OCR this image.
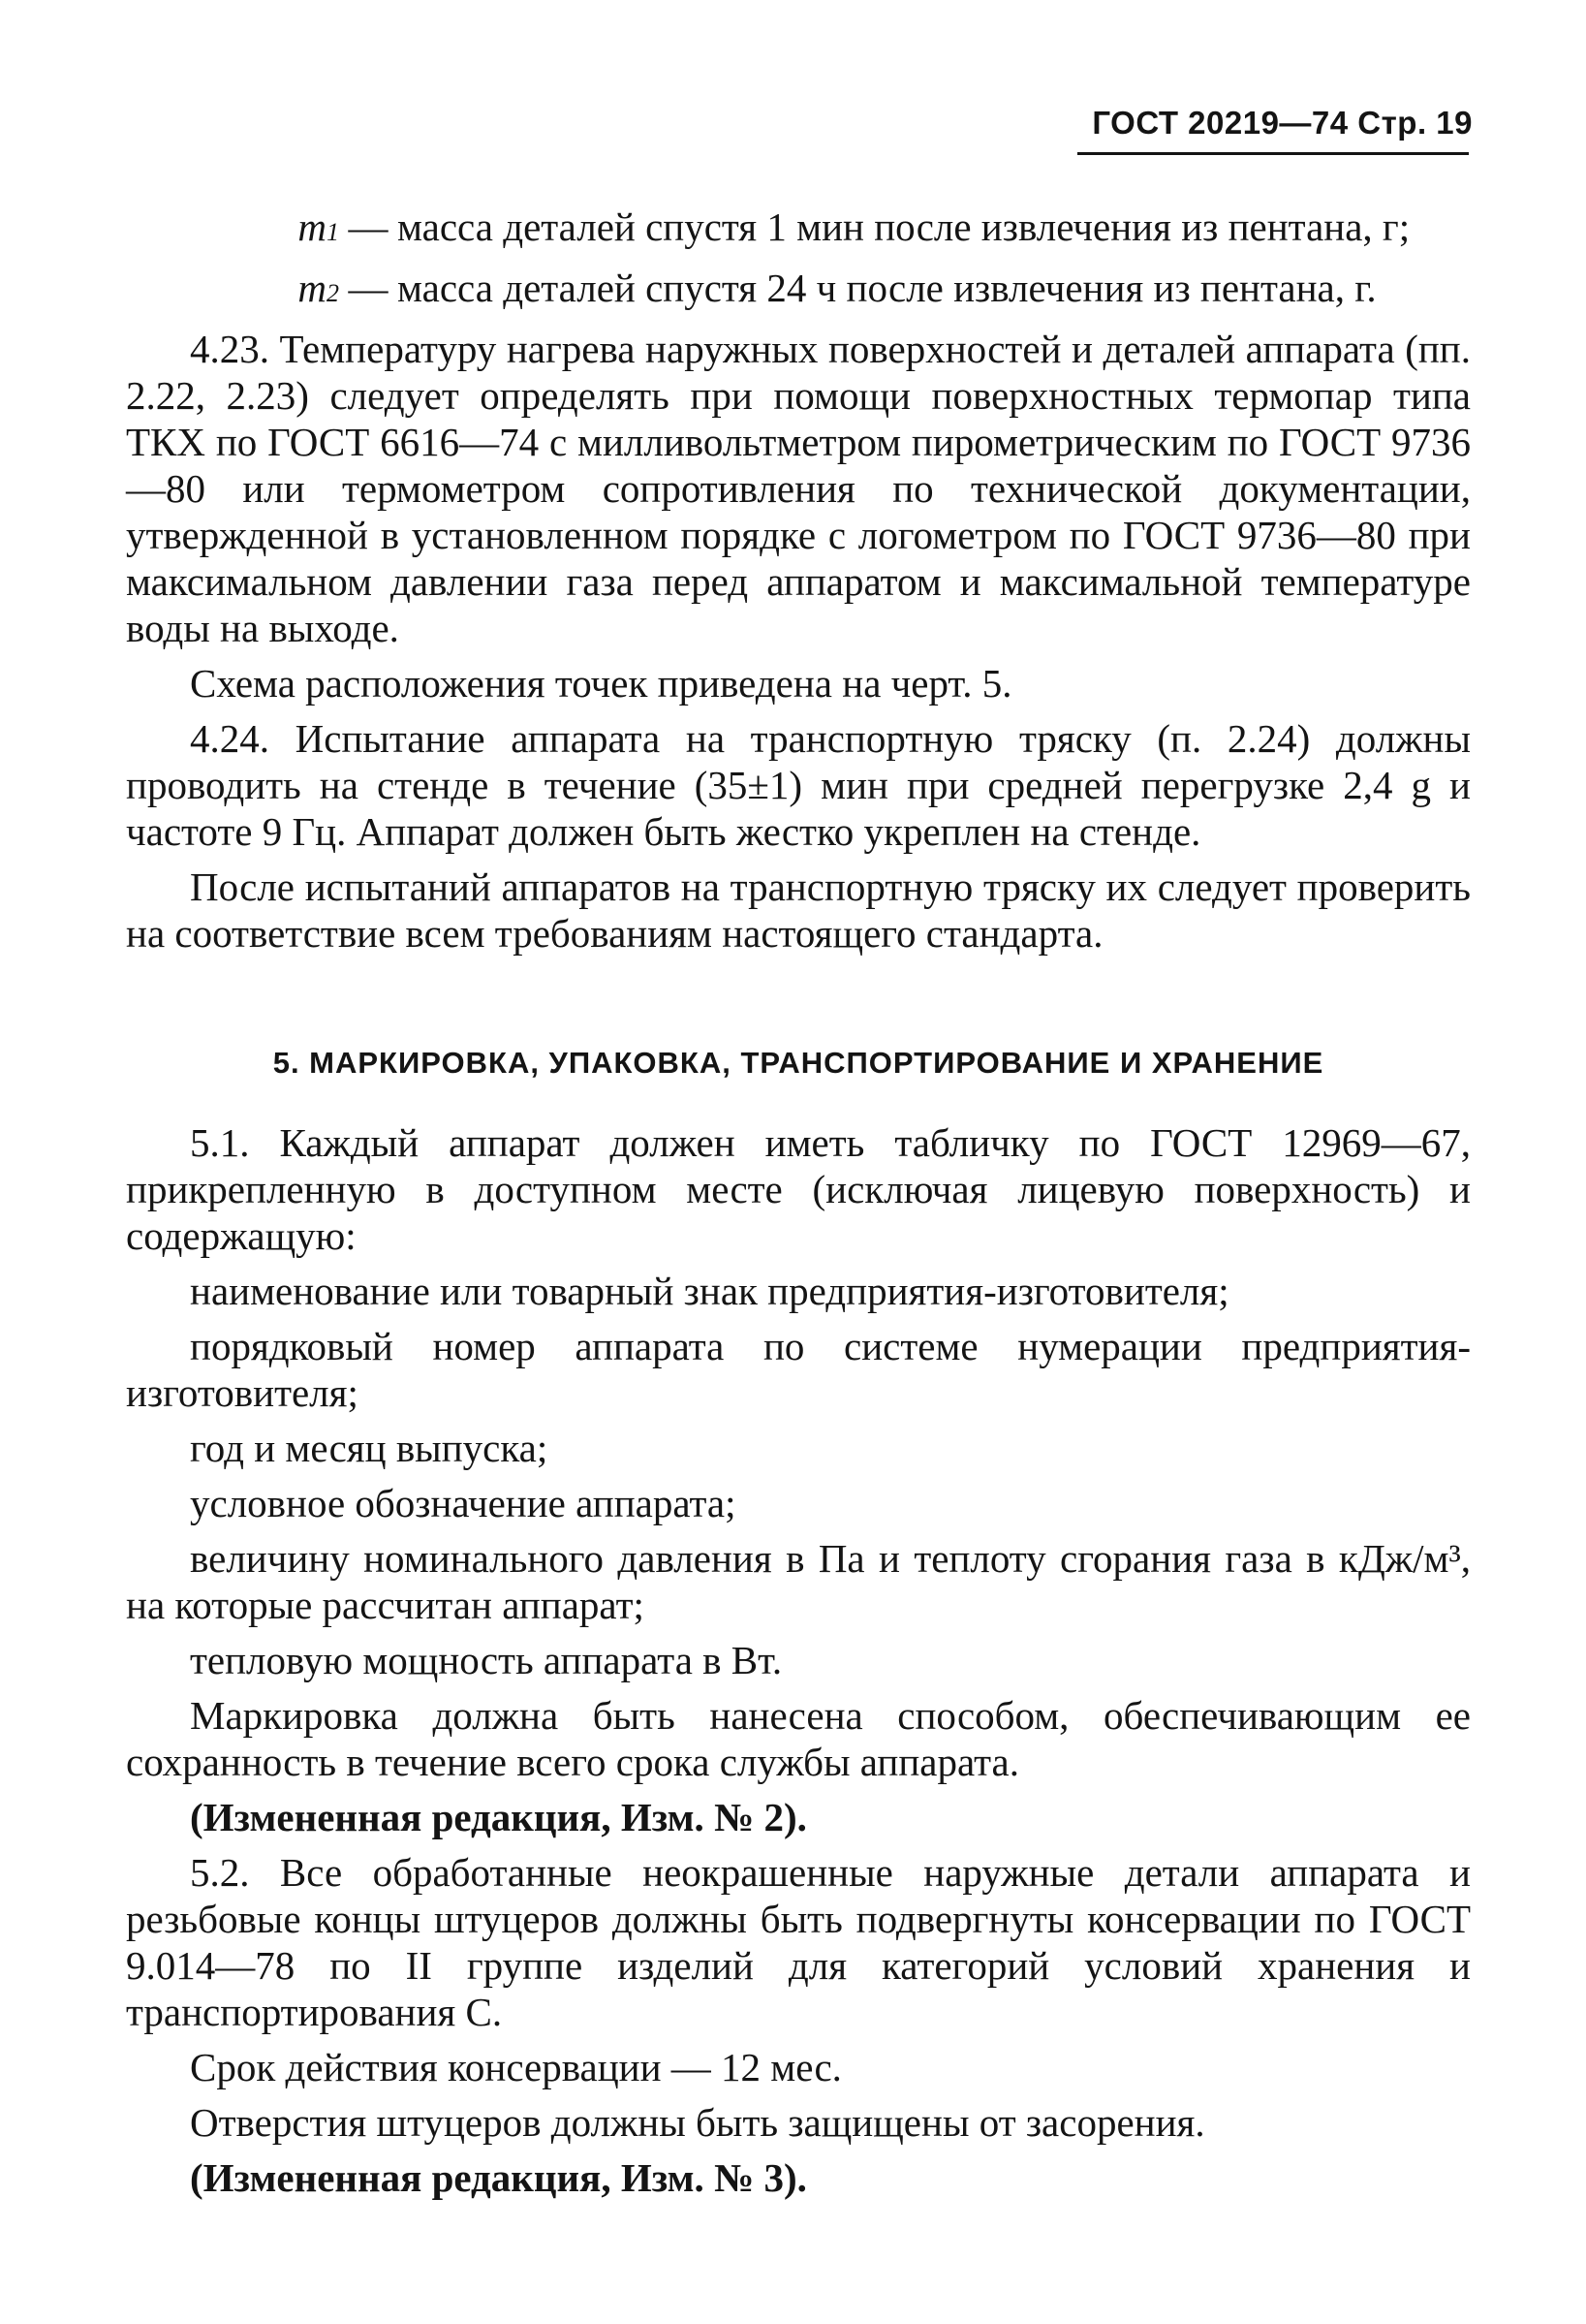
ГОСТ 20219—74 Стр. 19

m1 — масса деталей спустя 1 мин после извлечения из пентана, г;

m2 — масса деталей спустя 24 ч после извлечения из пентана, г.

4.23. Температуру нагрева наружных поверхностей и деталей аппарата (пп. 2.22, 2.23) следует определять при помощи поверхностных термопар типа ТКХ по ГОСТ 6616—74 с милливольтметром пирометрическим по ГОСТ 9736—80 или термометром сопротивления по технической документации, утвержденной в установленном порядке с логометром по ГОСТ 9736—80 при максимальном давлении газа перед аппаратом и максимальной температуре воды на выходе.

Схема расположения точек приведена на черт. 5.

4.24. Испытание аппарата на транспортную тряску (п. 2.24) должны проводить на стенде в течение (35±1) мин при средней перегрузке 2,4 g и частоте 9 Гц. Аппарат должен быть жестко укреплен на стенде.

После испытаний аппаратов на транспортную тряску их следует проверить на соответствие всем требованиям настоящего стандарта.

5. МАРКИРОВКА, УПАКОВКА, ТРАНСПОРТИРОВАНИЕ И ХРАНЕНИЕ

5.1. Каждый аппарат должен иметь табличку по ГОСТ 12969—67, прикрепленную в доступном месте (исключая лицевую поверхность) и содержащую:

наименование или товарный знак предприятия-изготовителя;

порядковый номер аппарата по системе нумерации предприятия-изготовителя;

год и месяц выпуска;

условное обозначение аппарата;

величину номинального давления в Па и теплоту сгорания газа в кДж/м³, на которые рассчитан аппарат;

тепловую мощность аппарата в Вт.

Маркировка должна быть нанесена способом, обеспечивающим ее сохранность в течение всего срока службы аппарата.

(Измененная редакция, Изм. № 2).

5.2. Все обработанные неокрашенные наружные детали аппарата и резьбовые концы штуцеров должны быть подвергнуты консервации по ГОСТ 9.014—78 по II группе изделий для категорий условий хранения и транспортирования С.

Срок действия консервации — 12 мес.

Отверстия штуцеров должны быть защищены от засорения.

(Измененная редакция, Изм. № 3).
